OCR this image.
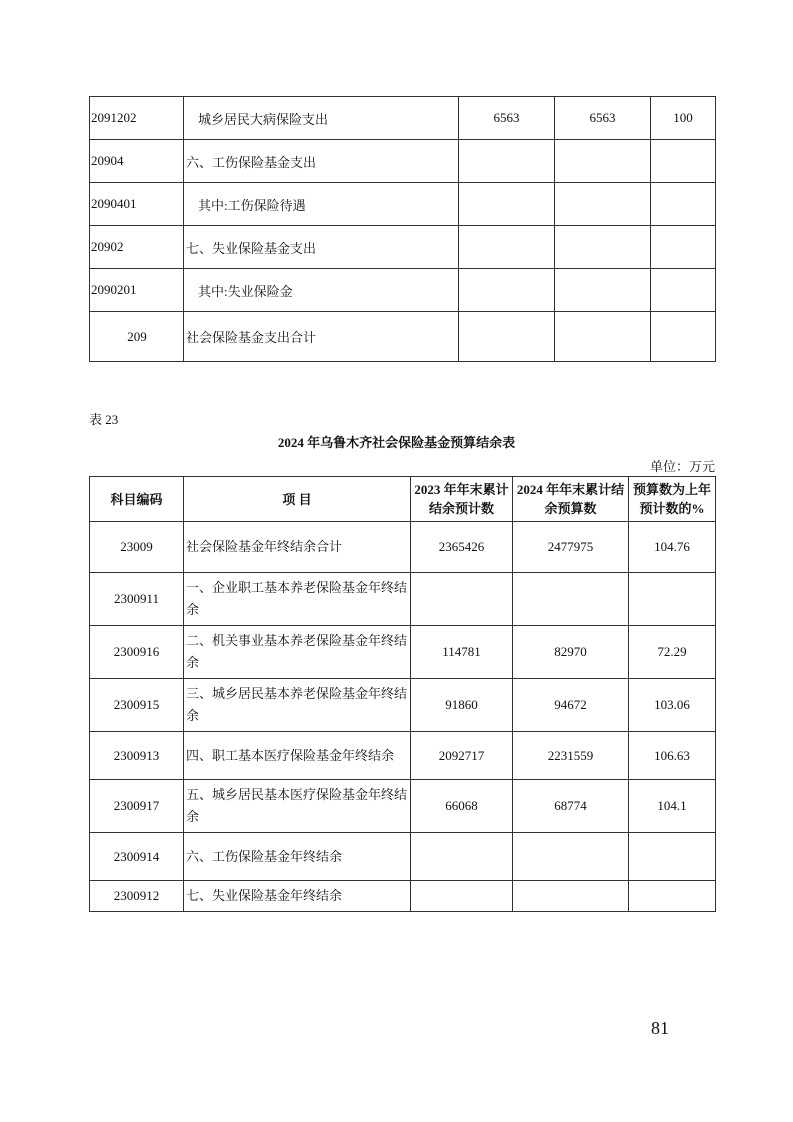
2091202	城乡居民大病保险支出	6563	6563	100
20904	六、工伤保险基金支出			
2090401	其中:工伤保险待遇			
20902	七、失业保险基金支出			
2090201	其中:失业保险金			
209	社会保险基金支出合计			
表 23
2024 年乌鲁木齐社会保险基金预算结余表
单位：万元
科目编码	项 目	2023 年年末累计结余预计数	2024 年年末累计结余预算数	预算数为上年预计数的%
23009	社会保险基金年终结余合计	2365426	2477975	104.76
2300911	一、企业职工基本养老保险基金年终结余			
2300916	二、机关事业基本养老保险基金年终结余	114781	82970	72.29
2300915	三、城乡居民基本养老保险基金年终结余	91860	94672	103.06
2300913	四、职工基本医疗保险基金年终结余	2092717	2231559	106.63
2300917	五、城乡居民基本医疗保险基金年终结余	66068	68774	104.1
2300914	六、工伤保险基金年终结余			
2300912	七、失业保险基金年终结余			
81
